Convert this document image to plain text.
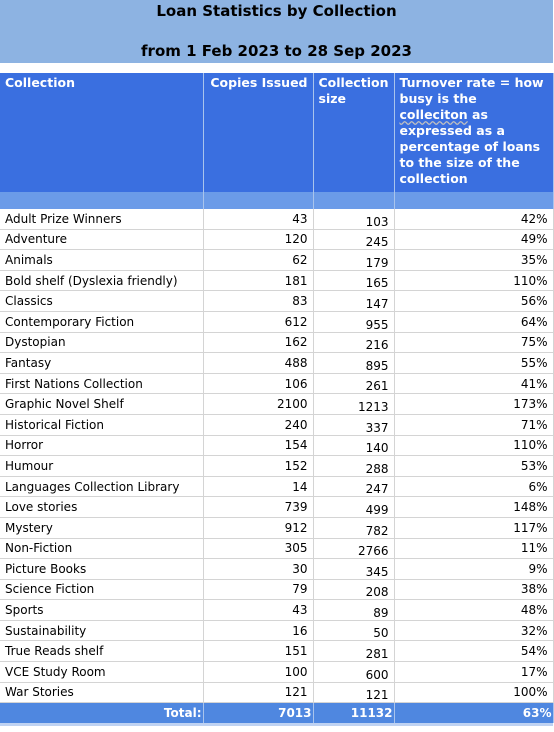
Loan Statistics by Collection
from 1 Feb 2023 to 28 Sep 2023
Collection	Copies Issued	Collection size	Turnover rate = how busy is the colleciton as expressed as a percentage of loans to the size of the collection

Adult Prize Winners	43	103	42%
Adventure	120	245	49%
Animals	62	179	35%
Bold shelf (Dyslexia friendly)	181	165	110%
Classics	83	147	56%
Contemporary Fiction	612	955	64%
Dystopian	162	216	75%
Fantasy	488	895	55%
First Nations Collection	106	261	41%
Graphic Novel Shelf	2100	1213	173%
Historical Fiction	240	337	71%
Horror	154	140	110%
Humour	152	288	53%
Languages Collection Library	14	247	6%
Love stories	739	499	148%
Mystery	912	782	117%
Non-Fiction	305	2766	11%
Picture Books	30	345	9%
Science Fiction	79	208	38%
Sports	43	89	48%
Sustainability	16	50	32%
True Reads shelf	151	281	54%
VCE Study Room	100	600	17%
War Stories	121	121	100%
Total:	7013	11132	63%
